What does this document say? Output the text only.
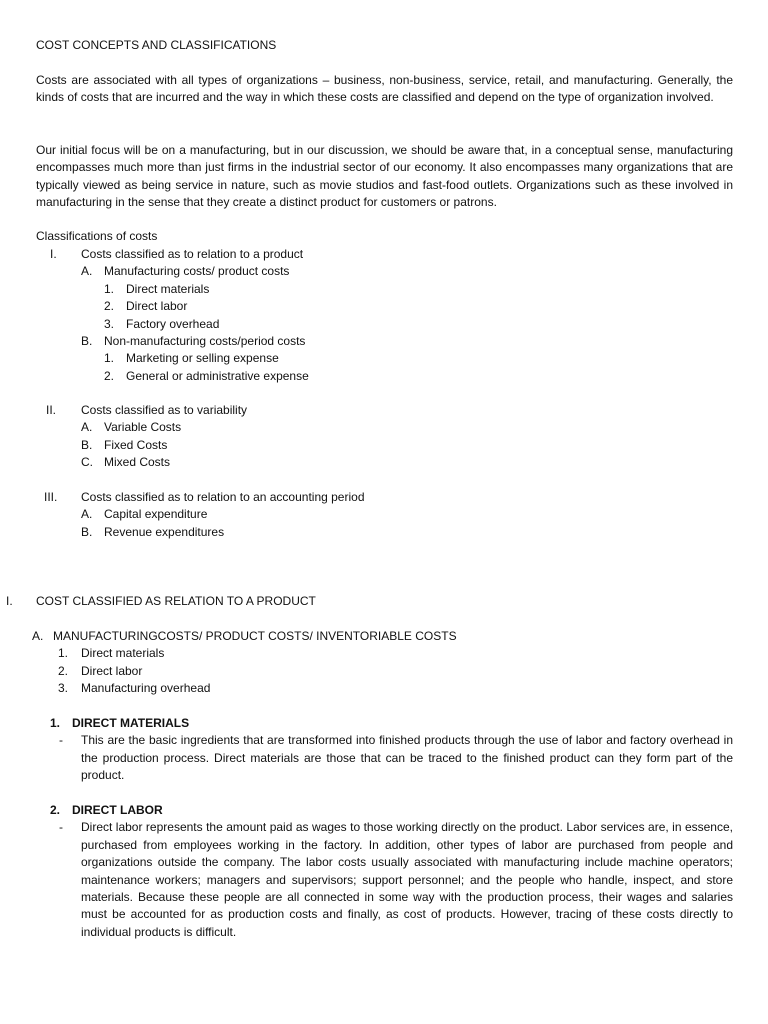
COST CONCEPTS AND CLASSIFICATIONS

Costs are associated with all types of organizations – business, non-business, service, retail, and manufacturing. Generally, the kinds of costs that are incurred and the way in which these costs are classified and depend on the type of organization involved.

Our initial focus will be on a manufacturing, but in our discussion, we should be aware that, in a conceptual sense, manufacturing encompasses much more than just firms in the industrial sector of our economy. It also encompasses many organizations that are typically viewed as being service in nature, such as movie studios and fast-food outlets. Organizations such as these involved in manufacturing in the sense that they create a distinct product for customers or patrons.

Classifications of costs
I. Costs classified as to relation to a product
A. Manufacturing costs/ product costs
1. Direct materials
2. Direct labor
3. Factory overhead
B. Non-manufacturing costs/period costs
1. Marketing or selling expense
2. General or administrative expense
II. Costs classified as to variability
A. Variable Costs
B. Fixed Costs
C. Mixed Costs
III. Costs classified as to relation to an accounting period
A. Capital expenditure
B. Revenue expenditures
I. COST CLASSIFIED AS RELATION TO A PRODUCT
A. MANUFACTURINGCOSTS/ PRODUCT COSTS/ INVENTORIABLE COSTS
1. Direct materials
2. Direct labor
3. Manufacturing overhead
1. DIRECT MATERIALS
- This are the basic ingredients that are transformed into finished products through the use of labor and factory overhead in the production process. Direct materials are those that can be traced to the finished product can they form part of the product.

2. DIRECT LABOR
- Direct labor represents the amount paid as wages to those working directly on the product. Labor services are, in essence, purchased from employees working in the factory. In addition, other types of labor are purchased from people and organizations outside the company. The labor costs usually associated with manufacturing include machine operators; maintenance workers; managers and supervisors; support personnel; and the people who handle, inspect, and store materials. Because these people are all connected in some way with the production process, their wages and salaries must be accounted for as production costs and finally, as cost of products. However, tracing of these costs directly to individual products is difficult.
